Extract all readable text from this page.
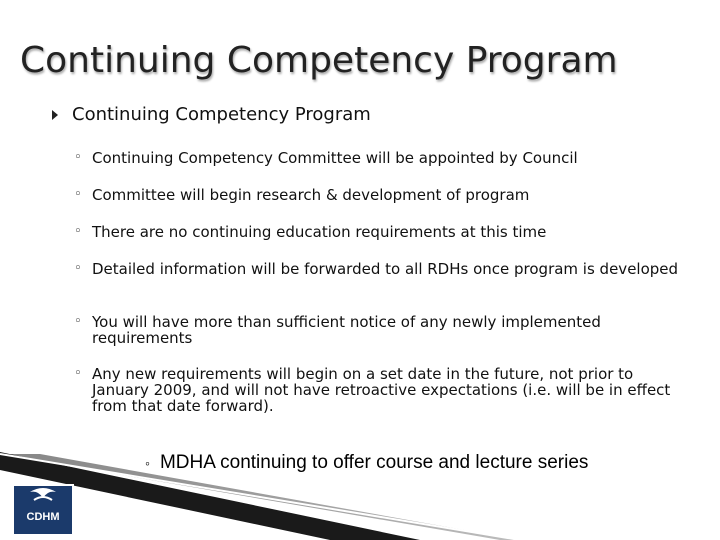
Continuing Competency Program
Continuing Competency Program
◦ Continuing Competency Committee will be appointed by Council
◦ Committee will begin research & development of program
◦ There are no continuing education requirements at this time
◦ Detailed information will be forwarded to all RDHs once program is developed
◦ You will have more than sufficient notice of any newly implemented requirements
◦ Any new requirements will begin on a set date in the future, not prior to January 2009, and will not have retroactive expectations (i.e. will be in effect from that date forward).
CDHM
◦ MDHA continuing to offer course and lecture series
